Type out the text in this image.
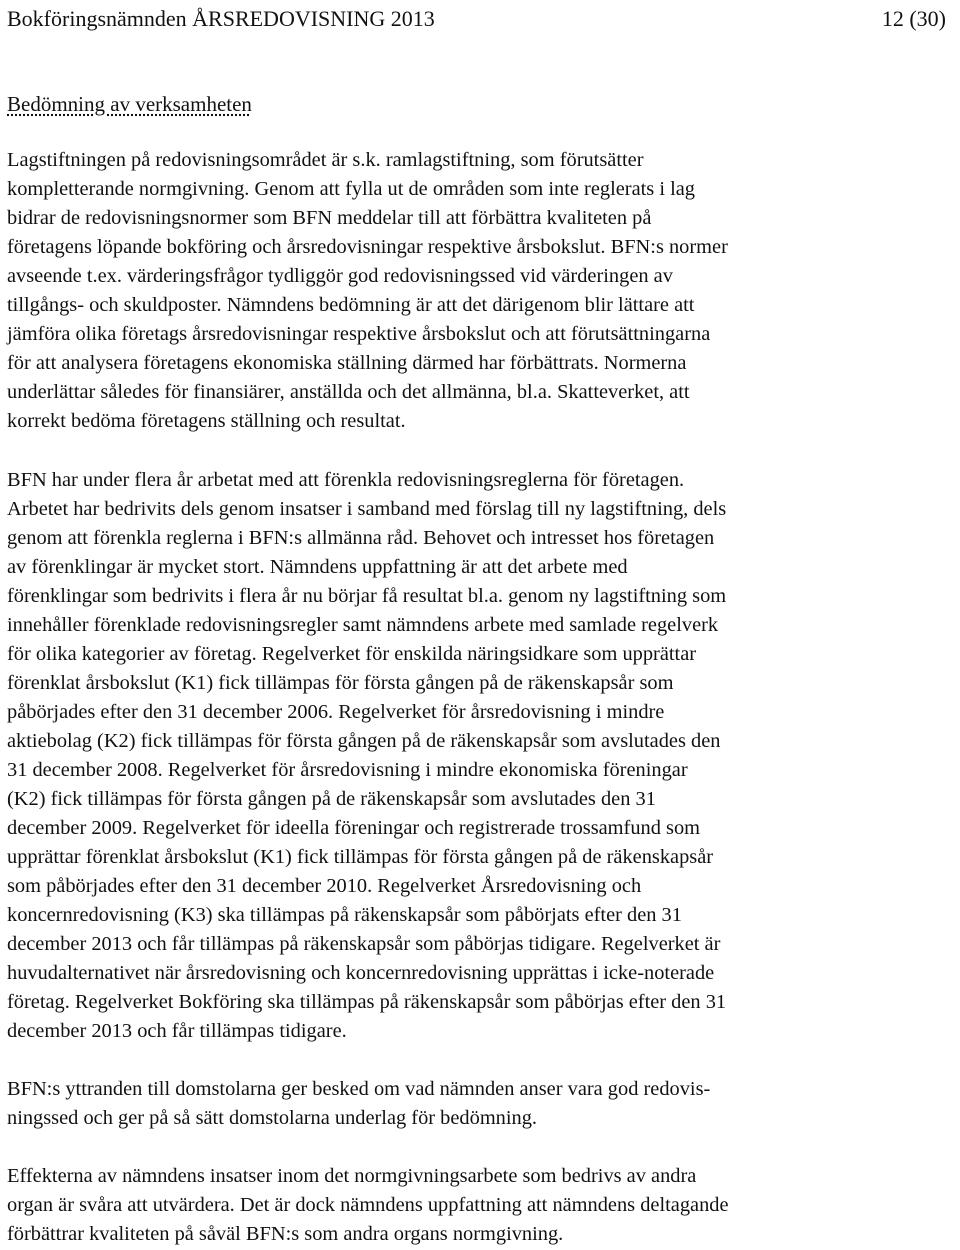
Bokföringsnämnden ÅRSREDOVISNING 2013	12 (30)
Bedömning av verksamheten

Lagstiftningen på redovisningsområdet är s.k. ramlagstiftning, som förutsätter
kompletterande normgivning. Genom att fylla ut de områden som inte reglerats i lag
bidrar de redovisningsnormer som BFN meddelar till att förbättra kvaliteten på
företagens löpande bokföring och årsredovisningar respektive årsbokslut. BFN:s normer
avseende t.ex. värderingsfrågor tydliggör god redovisningssed vid värderingen av
tillgångs- och skuldposter. Nämndens bedömning är att det därigenom blir lättare att
jämföra olika företags årsredovisningar respektive årsbokslut och att förutsättningarna
för att analysera företagens ekonomiska ställning därmed har förbättrats. Normerna
underlättar således för finansiärer, anställda och det allmänna, bl.a. Skatteverket, att
korrekt bedöma företagens ställning och resultat.

BFN har under flera år arbetat med att förenkla redovisningsreglerna för företagen.
Arbetet har bedrivits dels genom insatser i samband med förslag till ny lagstiftning, dels
genom att förenkla reglerna i BFN:s allmänna råd. Behovet och intresset hos företagen
av förenklingar är mycket stort. Nämndens uppfattning är att det arbete med
förenklingar som bedrivits i flera år nu börjar få resultat bl.a. genom ny lagstiftning som
innehåller förenklade redovisningsregler samt nämndens arbete med samlade regelverk
för olika kategorier av företag. Regelverket för enskilda näringsidkare som upprättar
förenklat årsbokslut (K1) fick tillämpas för första gången på de räkenskapsår som
påbörjades efter den 31 december 2006. Regelverket för årsredovisning i mindre
aktiebolag (K2) fick tillämpas för första gången på de räkenskapsår som avslutades den
31 december 2008. Regelverket för årsredovisning i mindre ekonomiska föreningar
(K2) fick tillämpas för första gången på de räkenskapsår som avslutades den 31
december 2009. Regelverket för ideella föreningar och registrerade trossamfund som
upprättar förenklat årsbokslut (K1) fick tillämpas för första gången på de räkenskapsår
som påbörjades efter den 31 december 2010. Regelverket Årsredovisning och
koncernredovisning (K3) ska tillämpas på räkenskapsår som påbörjats efter den 31
december 2013 och får tillämpas på räkenskapsår som påbörjas tidigare. Regelverket är
huvudalternativet när årsredovisning och koncernredovisning upprättas i icke-noterade
företag. Regelverket Bokföring ska tillämpas på räkenskapsår som påbörjas efter den 31
december 2013 och får tillämpas tidigare.

BFN:s yttranden till domstolarna ger besked om vad nämnden anser vara god redovis-
ningssed och ger på så sätt domstolarna underlag för bedömning.

Effekterna av nämndens insatser inom det normgivningsarbete som bedrivs av andra
organ är svåra att utvärdera. Det är dock nämndens uppfattning att nämndens deltagande
förbättrar kvaliteten på såväl BFN:s som andra organs normgivning.
